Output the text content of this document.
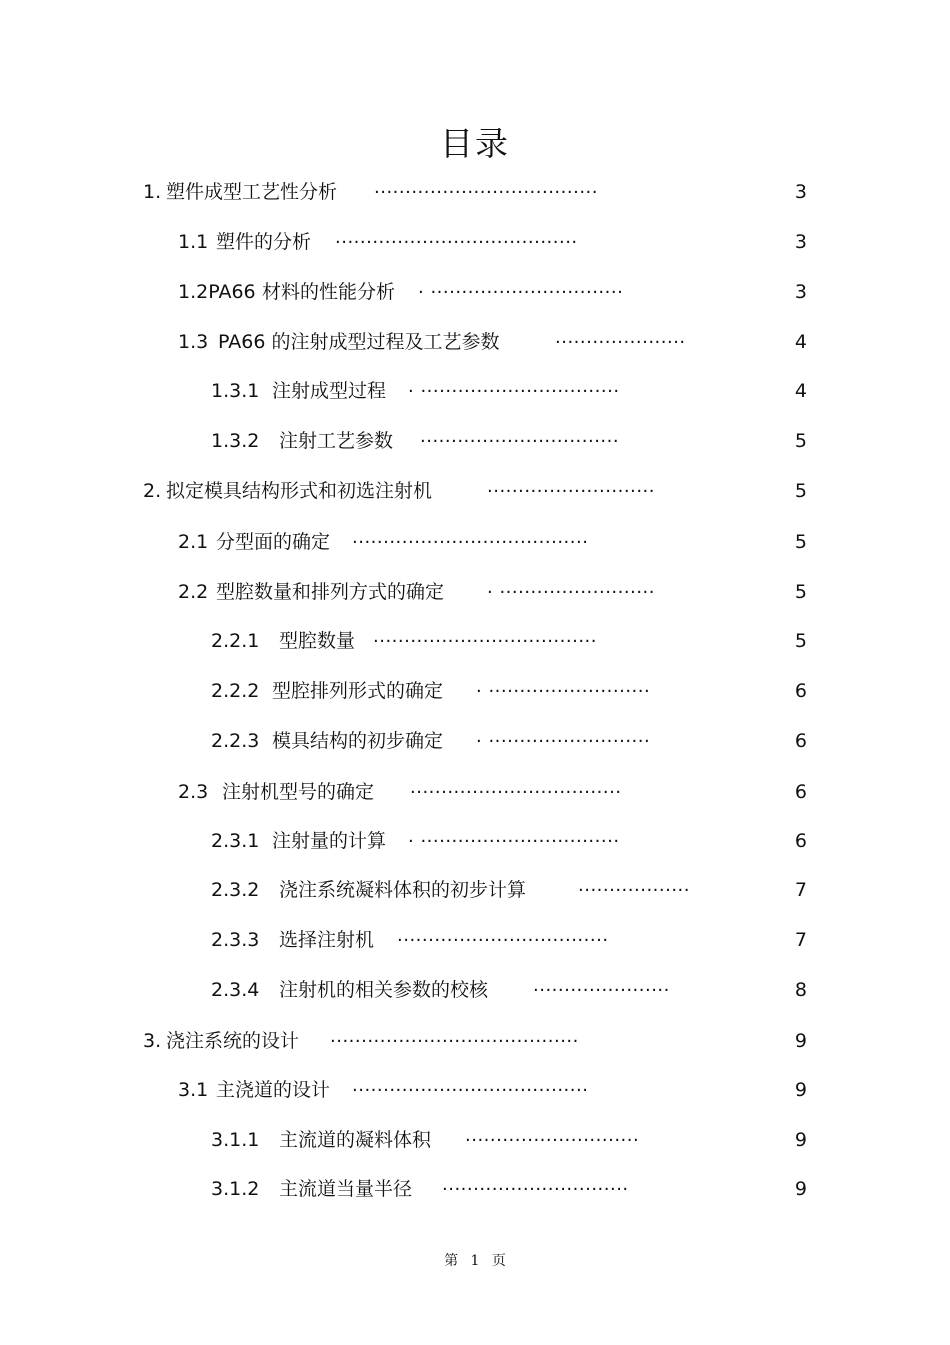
目录
1. 塑件成型工艺性分析 ....................................	3
1.1 塑件的分析 .......................................	3
1.2PA66 材料的性能分析 . ...............................	3
1.3 PA66 的注射成型过程及工艺参数	.....................	4
1.3.1 注射成型过程 . ................................	4
1.3.2 注射工艺参数 ................................	5
2. 拟定模具结构形式和初选注射机	...........................	5
2.1 分型面的确定 ......................................	5
2.2 型腔数量和排列方式的确定 . .........................	5
2.2.1 型腔数量 ....................................	5
2.2.2 型腔排列形式的确定 . ..........................	6
2.2.3 模具结构的初步确定 . ..........................	6
2.3 注射机型号的确定 ..................................	6
2.3.1 注射量的计算 . ................................	6
2.3.2 浇注系统凝料体积的初步计算	..................	7
2.3.3 选择注射机 ..................................	7
2.3.4 注射机的相关参数的校核 ......................	8
3. 浇注系统的设计 ........................................	9
3.1 主浇道的设计 ......................................	9
3.1.1 主流道的凝料体积 ............................	9
3.1.2 主流道当量半径 ..............................	9
第 1 页
